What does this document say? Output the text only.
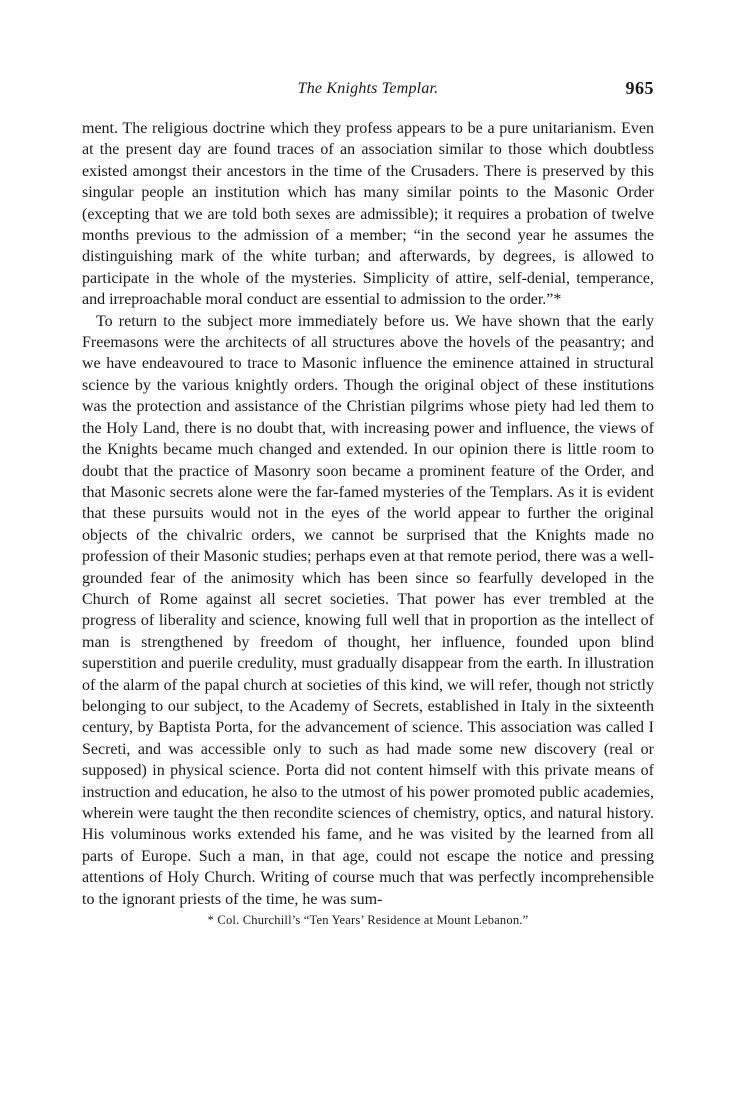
The Knights Templar.	965

ment. The religious doctrine which they profess appears to be a pure unitarianism. Even at the present day are found traces of an association similar to those which doubtless existed amongst their ancestors in the time of the Crusaders. There is preserved by this singular people an institution which has many similar points to the Masonic Order (excepting that we are told both sexes are admissible); it requires a probation of twelve months previous to the admission of a member; “in the second year he assumes the distinguishing mark of the white turban; and afterwards, by degrees, is allowed to participate in the whole of the mysteries. Simplicity of attire, self-denial, temperance, and irreproachable moral conduct are essential to admission to the order.”*

To return to the subject more immediately before us. We have shown that the early Freemasons were the architects of all structures above the hovels of the peasantry; and we have endeavoured to trace to Masonic influence the eminence attained in structural science by the various knightly orders. Though the original object of these institutions was the protection and assistance of the Christian pilgrims whose piety had led them to the Holy Land, there is no doubt that, with increasing power and influence, the views of the Knights became much changed and extended. In our opinion there is little room to doubt that the practice of Masonry soon became a prominent feature of the Order, and that Masonic secrets alone were the far-famed mysteries of the Templars. As it is evident that these pursuits would not in the eyes of the world appear to further the original objects of the chivalric orders, we cannot be surprised that the Knights made no profession of their Masonic studies; perhaps even at that remote period, there was a well-grounded fear of the animosity which has been since so fearfully developed in the Church of Rome against all secret societies. That power has ever trembled at the progress of liberality and science, knowing full well that in proportion as the intellect of man is strengthened by freedom of thought, her influence, founded upon blind superstition and puerile credulity, must gradually disappear from the earth. In illustration of the alarm of the papal church at societies of this kind, we will refer, though not strictly belonging to our subject, to the Academy of Secrets, established in Italy in the sixteenth century, by Baptista Porta, for the advancement of science. This association was called I Secreti, and was accessible only to such as had made some new discovery (real or supposed) in physical science. Porta did not content himself with this private means of instruction and education, he also to the utmost of his power promoted public academies, wherein were taught the then recondite sciences of chemistry, optics, and natural history. His voluminous works extended his fame, and he was visited by the learned from all parts of Europe. Such a man, in that age, could not escape the notice and pressing attentions of Holy Church. Writing of course much that was perfectly incomprehensible to the ignorant priests of the time, he was sum-

* Col. Churchill’s “Ten Years’ Residence at Mount Lebanon.”
